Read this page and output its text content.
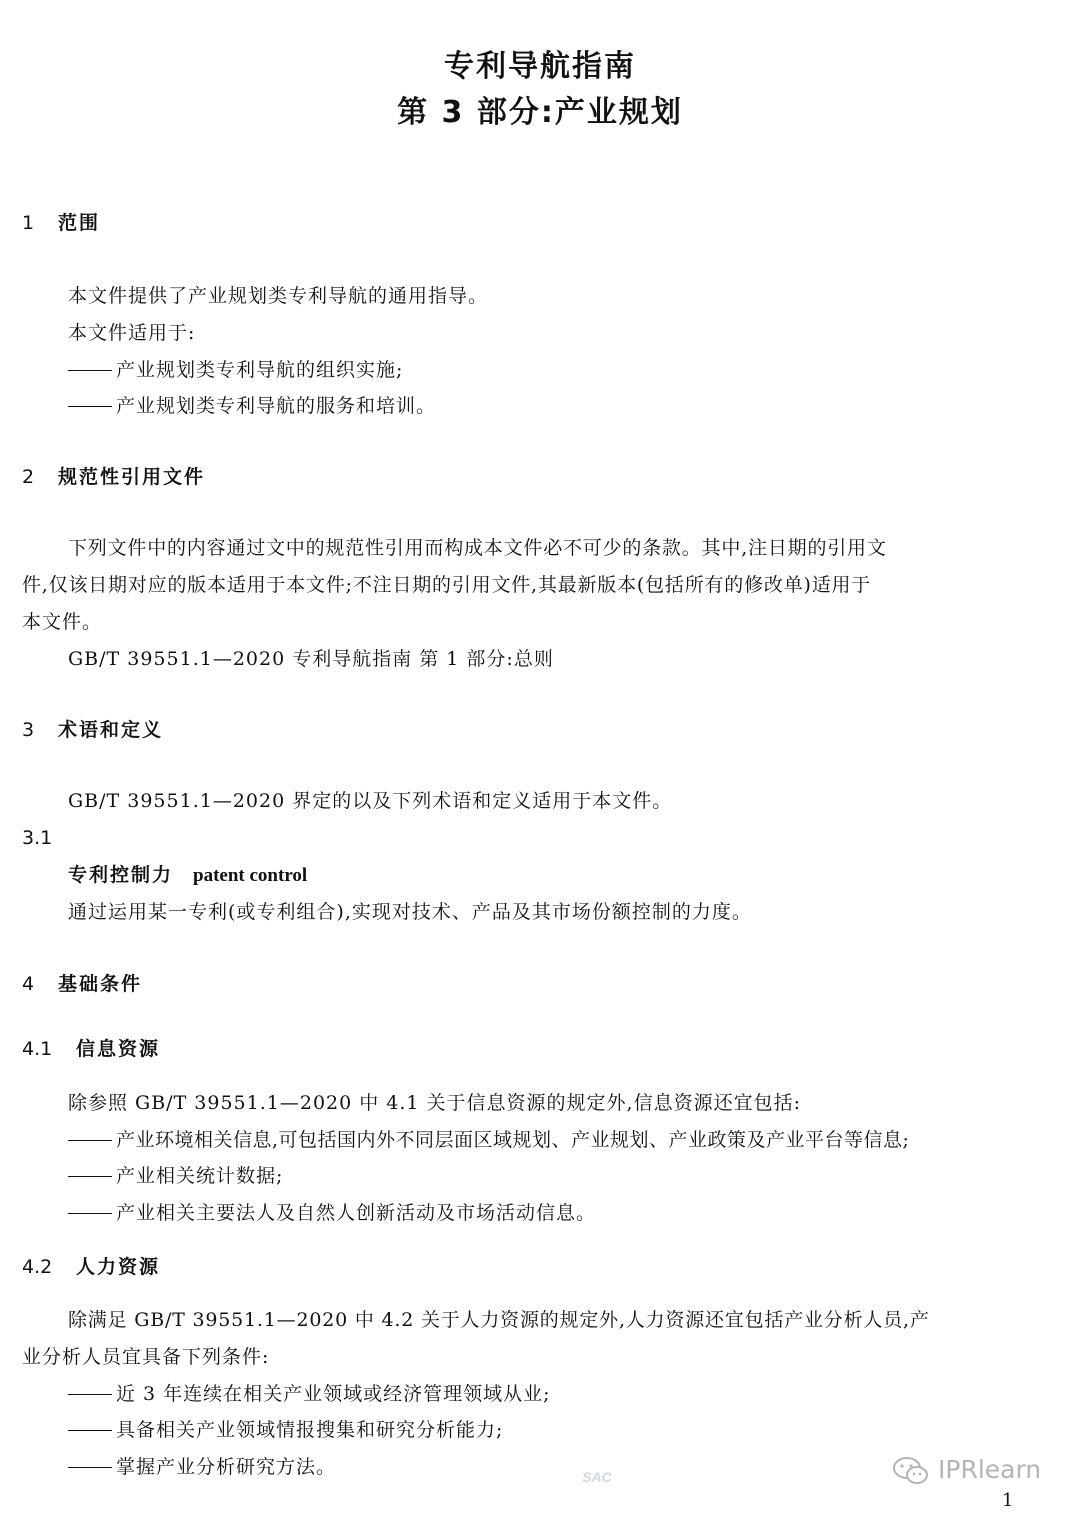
专利导航指南
第 3 部分:产业规划
1 范围
本文件提供了产业规划类专利导航的通用指导。
本文件适用于:
产业规划类专利导航的组织实施;
产业规划类专利导航的服务和培训。
2 规范性引用文件
下列文件中的内容通过文中的规范性引用而构成本文件必不可少的条款。其中,注日期的引用文
件,仅该日期对应的版本适用于本文件;不注日期的引用文件,其最新版本(包括所有的修改单)适用于
本文件。
GB/T 39551.1—2020 专利导航指南 第 1 部分:总则
3 术语和定义
GB/T 39551.1—2020 界定的以及下列术语和定义适用于本文件。
3.1
专利控制力 patent control
通过运用某一专利(或专利组合),实现对技术、产品及其市场份额控制的力度。
4 基础条件
4.1 信息资源
除参照 GB/T 39551.1—2020 中 4.1 关于信息资源的规定外,信息资源还宜包括:
产业环境相关信息,可包括国内外不同层面区域规划、产业规划、产业政策及产业平台等信息;
产业相关统计数据;
产业相关主要法人及自然人创新活动及市场活动信息。
4.2 人力资源
除满足 GB/T 39551.1—2020 中 4.2 关于人力资源的规定外,人力资源还宜包括产业分析人员,产
业分析人员宜具备下列条件:
近 3 年连续在相关产业领域或经济管理领域从业;
具备相关产业领域情报搜集和研究分析能力;
掌握产业分析研究方法。	SAC	IPRlearn
1
